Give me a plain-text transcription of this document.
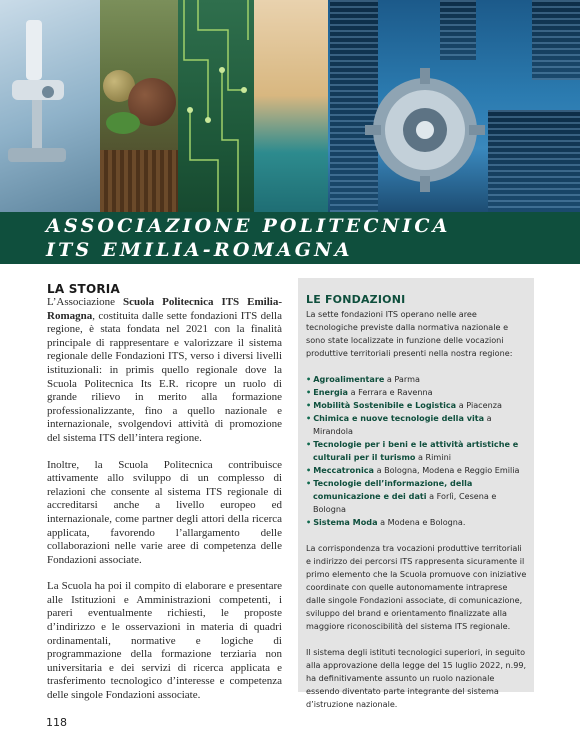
ASSOCIAZIONE POLITECNICA
ITS EMILIA-ROMAGNA
LA STORIA

L’Associazione Scuola Politecnica ITS Emilia-Romagna, costituita dalle sette fondazioni ITS della regione, è stata fondata nel 2021 con la finalità principale di rappresentare e valorizzare il sistema regionale delle Fondazioni ITS, verso i diversi livelli istituzionali: in primis quello regionale dove la Scuola Politecnica Its E.R. ricopre un ruolo di grande rilievo in merito alla formazione professionalizzante, fino a quello nazionale e internazionale, svolgendovi attività di promozione del sistema ITS dell’intera regione.

Inoltre, la Scuola Politecnica contribuisce attivamente allo sviluppo di un complesso di relazioni che consente al sistema ITS regionale di accreditarsi anche a livello europeo ed internazionale, come partner degli attori della ricerca applicata, favorendo l’allargamento delle collaborazioni nelle varie aree di competenza delle Fondazioni associate.

La Scuola ha poi il compito di elaborare e presentare alle Istituzioni e Amministrazioni competenti, i pareri eventualmente richiesti, le proposte d’indirizzo e le osservazioni in materia di quadri ordinamentali, normative e logiche di programmazione della formazione terziaria non universitaria e dei servizi di ricerca applicata e trasferimento tecnologico d’interesse e competenza delle singole Fondazioni associate.

LE FONDAZIONI

La sette fondazioni ITS operano nelle aree tecnologiche previste dalla normativa nazionale e sono state localizzate in funzione delle vocazioni produttive territoriali presenti nella nostra regione:

• Agroalimentare a Parma
• Energia a Ferrara e Ravenna
• Mobilità Sostenibile e Logistica a Piacenza
• Chimica e nuove tecnologie della vita a Mirandola
• Tecnologie per i beni e le attività artistiche e culturali per il turismo a Rimini
• Meccatronica a Bologna, Modena e Reggio Emilia
• Tecnologie dell’informazione, della comunicazione e dei dati a Forlì, Cesena e Bologna
• Sistema Moda a Modena e Bologna.

La corrispondenza tra vocazioni produttive territoriali e indirizzo dei percorsi ITS rappresenta sicuramente il primo elemento che la Scuola promuove con iniziative coordinate con quelle autonomamente intraprese dalle singole Fondazioni associate, di comunicazione, sviluppo del brand e orientamento finalizzate alla maggiore riconoscibilità del sistema ITS regionale.

Il sistema degli istituti tecnologici superiori, in seguito alla approvazione della legge del 15 luglio 2022, n.99, ha definitivamente assunto un ruolo nazionale essendo diventato parte integrante del sistema d’istruzione nazionale.

118
